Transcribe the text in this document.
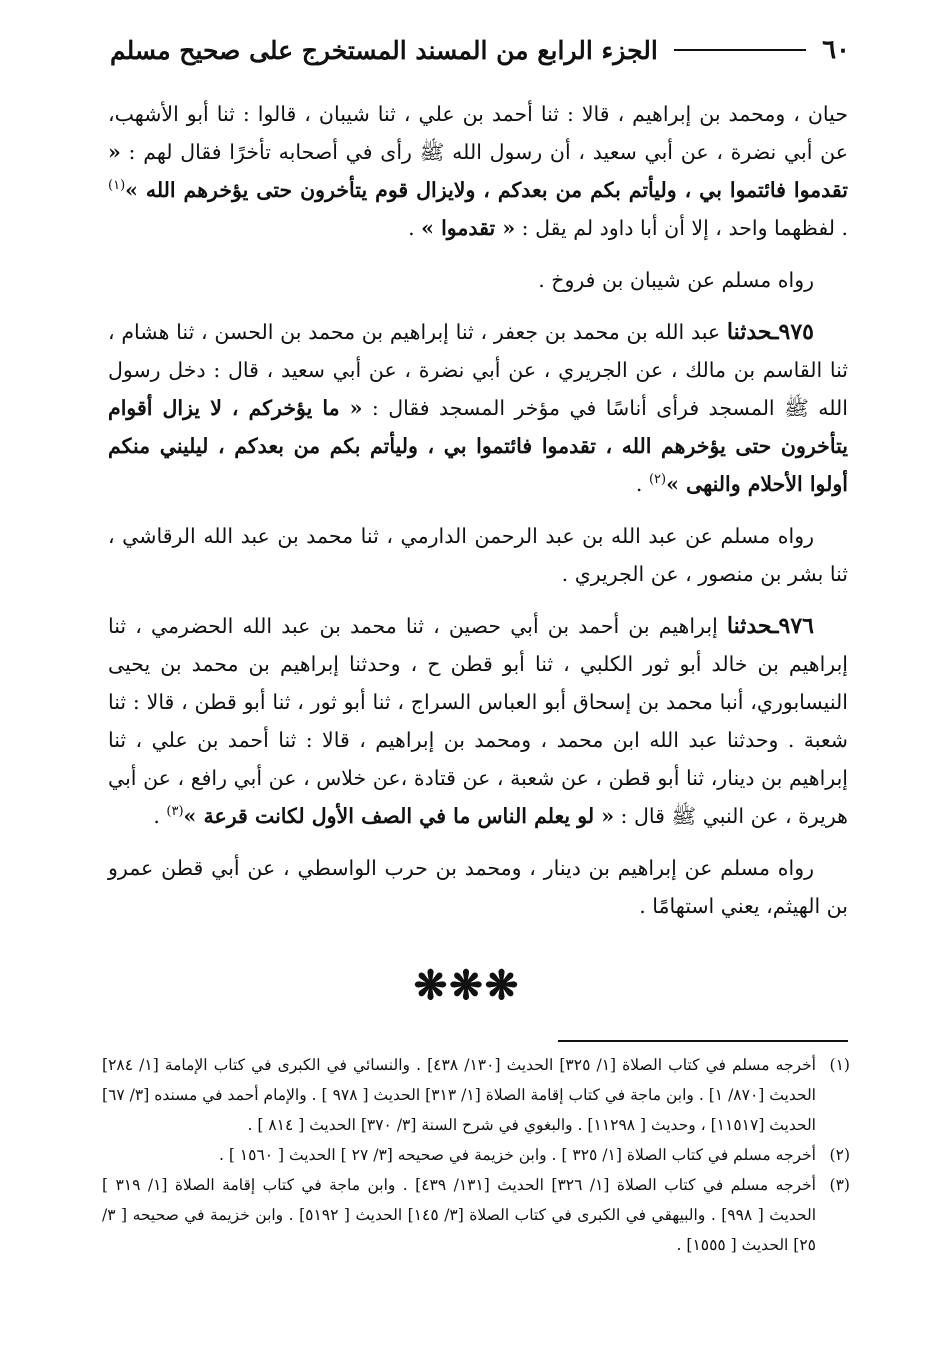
الجزء الرابع من المسند المستخرج على صحيح مسلم	٦٠

حيان ، ومحمد بن إبراهيم ، قالا : ثنا أحمد بن علي ، ثنا شيبان ، قالوا : ثنا أبو الأشهب، عن أبي نضرة ، عن أبي سعيد ، أن رسول الله ﷺ رأى في أصحابه تأخرًا فقال لهم : « تقدموا فائتموا بي ، وليأتم بكم من بعدكم ، ولايزال قوم يتأخرون حتى يؤخرهم الله »$^{(١)}$ . لفظهما واحد ، إلا أن أبا داود لم يقل : « تقدموا » .

رواه مسلم عن شيبان بن فروخ .

٩٧٥ـحدثنا عبد الله بن محمد بن جعفر ، ثنا إبراهيم بن محمد بن الحسن ، ثنا هشام ، ثنا القاسم بن مالك ، عن الجريري ، عن أبي نضرة ، عن أبي سعيد ، قال : دخل رسول الله ﷺ المسجد فرأى أناسًا في مؤخر المسجد فقال : « ما يؤخركم ، لا يزال أقوام يتأخرون حتى يؤخرهم الله ، تقدموا فائتموا بي ، وليأتم بكم من بعدكم ، ليليني منكم أولوا الأحلام والنهى »$^{(٢)}$ .

رواه مسلم عن عبد الله بن عبد الرحمن الدارمي ، ثنا محمد بن عبد الله الرقاشي ، ثنا بشر بن منصور ، عن الجريري .

٩٧٦ـحدثنا إبراهيم بن أحمد بن أبي حصين ، ثنا محمد بن عبد الله الحضرمي ، ثنا إبراهيم بن خالد أبو ثور الكلبي ، ثنا أبو قطن ح ، وحدثنا إبراهيم بن محمد بن يحيى النيسابوري، أنبا محمد بن إسحاق أبو العباس السراج ، ثنا أبو ثور ، ثنا أبو قطن ، قالا : ثنا شعبة . وحدثنا عبد الله ابن محمد ، ومحمد بن إبراهيم ، قالا : ثنا أحمد بن علي ، ثنا إبراهيم بن دينار، ثنا أبو قطن ، عن شعبة ، عن قتادة ،عن خلاس ، عن أبي رافع ، عن أبي هريرة ، عن النبي ﷺ قال : « لو يعلم الناس ما في الصف الأول لكانت قرعة »$^{(٣)}$ .

رواه مسلم عن إبراهيم بن دينار ، ومحمد بن حرب الواسطي ، عن أبي قطن عمرو بن الهيثم، يعني استهامًا .

❋❋❋

(١)أخرجه مسلم في كتاب الصلاة [١/ ٣٢٥] الحديث [١٣٠/ ٤٣٨] . والنسائي في الكبرى في كتاب الإمامة [١/ ٢٨٤] الحديث [٨٧٠/ ١] . وابن ماجة في كتاب إقامة الصلاة [١/ ٣١٣] الحديث [ ٩٧٨ ] . والإمام أحمد في مسنده [٣/ ٦٧] الحديث [١١٥١٧] ، وحديث [ ١١٢٩٨] . والبغوي في شرح السنة [٣/ ٣٧٠] الحديث [ ٨١٤ ] .

(٢)أخرجه مسلم في كتاب الصلاة [١/ ٣٢٥ ] . وابن خزيمة في صحيحه [٣/ ٢٧ ] الحديث [ ١٥٦٠ ] .

(٣)أخرجه مسلم في كتاب الصلاة [١/ ٣٢٦] الحديث [١٣١/ ٤٣٩] . وابن ماجة في كتاب إقامة الصلاة [١/ ٣١٩ ] الحديث [ ٩٩٨] . والبيهقي في الكبرى في كتاب الصلاة [٣/ ١٤٥] الحديث [ ٥١٩٢] . وابن خزيمة في صحيحه [ ٣/ ٢٥] الحديث [ ١٥٥٥] .
